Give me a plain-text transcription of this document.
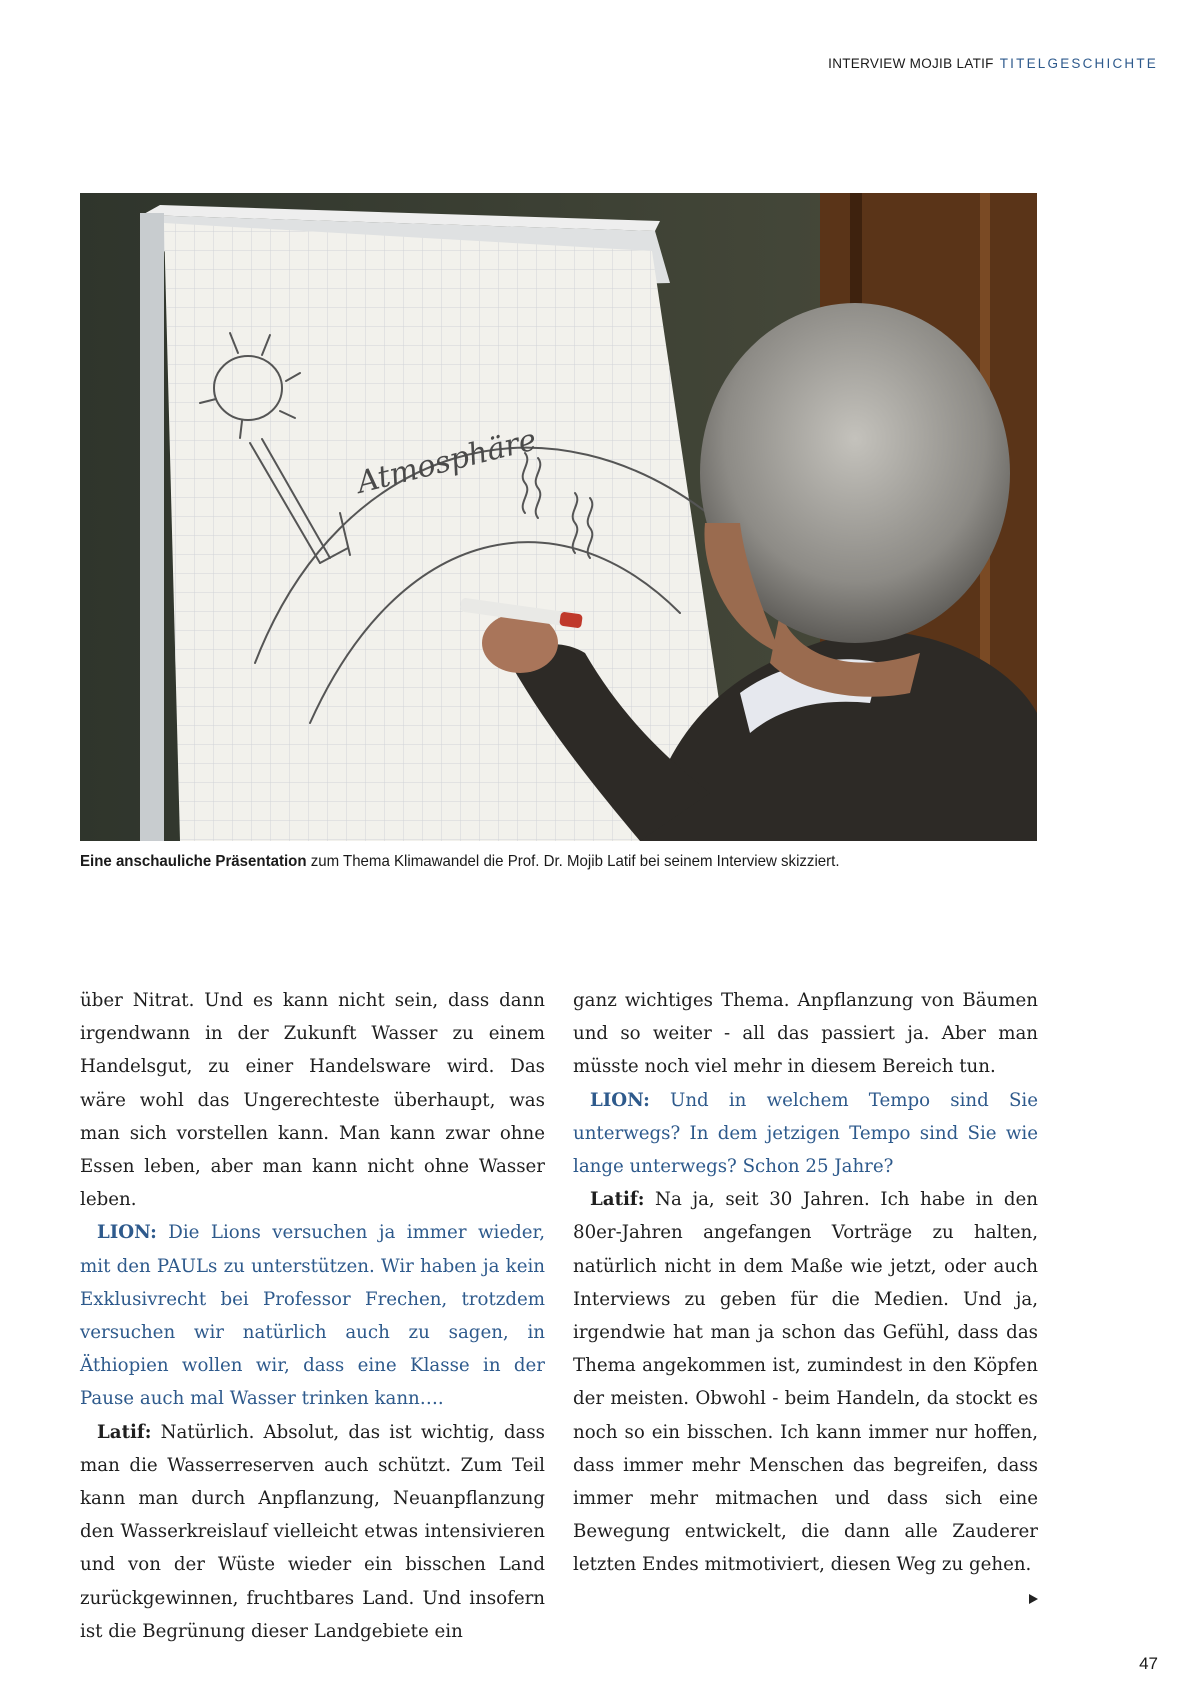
INTERVIEW MOJIB LATIF TITELGESCHICHTE
Atmosphäre
Eine anschauliche Präsentation zum Thema Klimawandel die Prof. Dr. Mojib Latif bei seinem Interview skizziert.

über Nitrat. Und es kann nicht sein, dass dann irgendwann in der Zukunft Wasser zu einem Handelsgut, zu einer Handelsware wird. Das wäre wohl das Ungerechteste überhaupt, was man sich vorstellen kann. Man kann zwar ohne Essen leben, aber man kann nicht ohne Wasser leben.

LION: Die Lions versuchen ja immer wieder, mit den PAULs zu unterstützen. Wir haben ja kein Exklusivrecht bei Professor Frechen, trotzdem versuchen wir natürlich auch zu sagen, in Äthiopien wollen wir, dass eine Klasse in der Pause auch mal Wasser trinken kann….

Latif: Natürlich. Absolut, das ist wichtig, dass man die Wasserreserven auch schützt. Zum Teil kann man durch Anpflanzung, Neuanpflanzung den Wasserkreislauf vielleicht etwas intensivieren und von der Wüste wieder ein bisschen Land zurückgewinnen, fruchtbares Land. Und insofern ist die Begrünung dieser Landgebiete ein

ganz wichtiges Thema. Anpflanzung von Bäumen und so weiter - all das passiert ja. Aber man müsste noch viel mehr in diesem Bereich tun.

LION: Und in welchem Tempo sind Sie unterwegs? In dem jetzigen Tempo sind Sie wie lange unterwegs? Schon 25 Jahre?

Latif: Na ja, seit 30 Jahren. Ich habe in den 80er-Jahren angefangen Vorträge zu halten, natürlich nicht in dem Maße wie jetzt, oder auch Interviews zu geben für die Medien. Und ja, irgendwie hat man ja schon das Gefühl, dass das Thema angekommen ist, zumindest in den Köpfen der meisten. Obwohl - beim Handeln, da stockt es noch so ein bisschen. Ich kann immer nur hoffen, dass immer mehr Menschen das begreifen, dass immer mehr mitmachen und dass sich eine Bewegung entwickelt, die dann alle Zauderer letzten Endes mitmotiviert, diesen Weg zu gehen.

47
